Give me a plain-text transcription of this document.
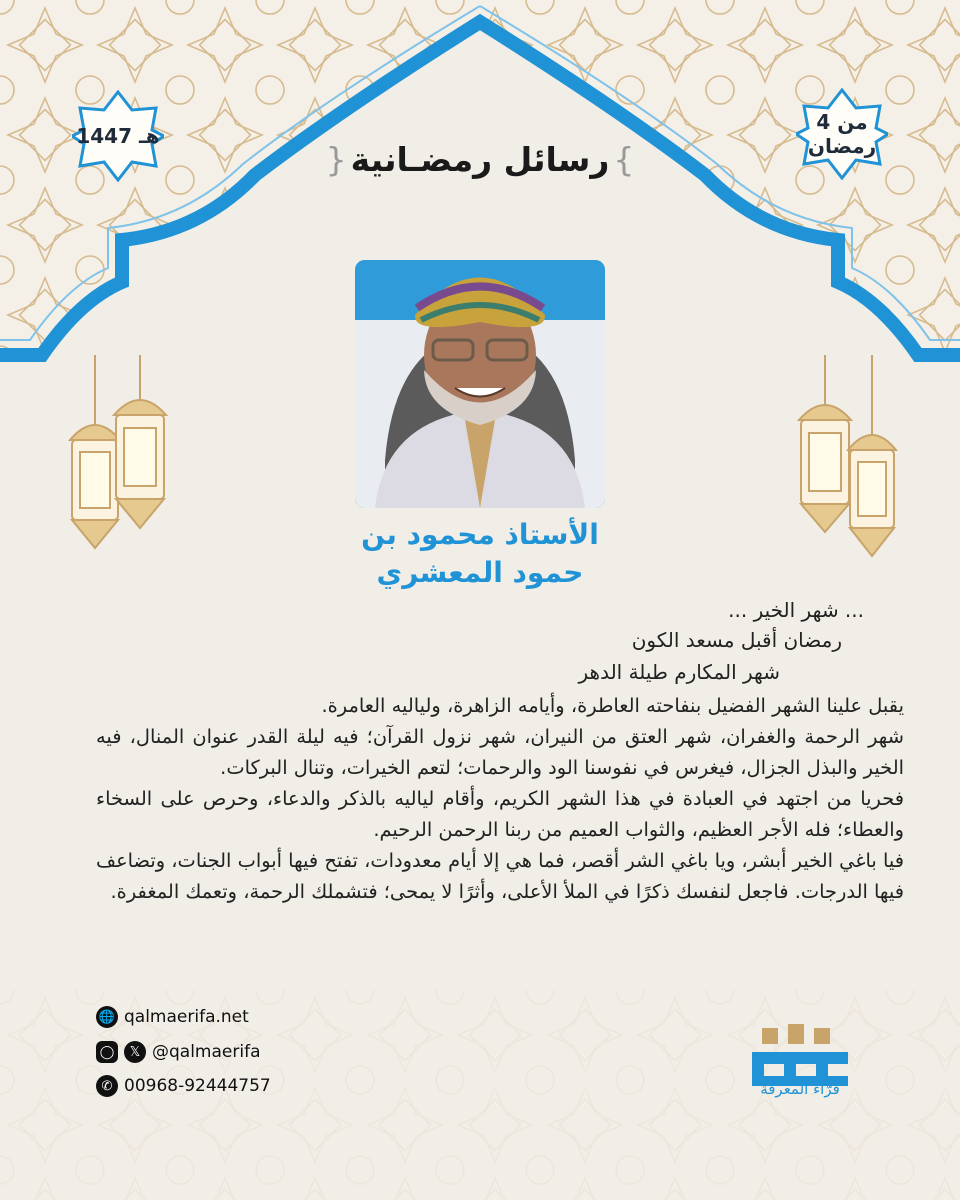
1447 هـ
4 من
رمضان
} رسائل رمضـانية {
الأستاذ محمود بن
حمود المعشري
... شهر الخير ...
رمضان أقبل مسعد الكون
شهر المكارم طيلة الدهر

يقبل علينا الشهر الفضيل بنفاحته العاطرة، وأيامه الزاهرة، ولياليه العامرة.

شهر الرحمة والغفران، شهر العتق من النيران، شهر نزول القرآن؛ فيه ليلة القدر عنوان المنال، فيه الخير والبذل الجزال، فيغرس في نفوسنا الود والرحمات؛ لتعم الخيرات، وتنال البركات.

فحريا من اجتهد في العبادة في هذا الشهر الكريم، وأقام لياليه بالذكر والدعاء، وحرص على السخاء والعطاء؛ فله الأجر العظيم، والثواب العميم من ربنا الرحمن الرحيم.

فيا باغي الخير أبشر، ويا باغي الشر أقصر، فما هي إلا أيام معدودات، تفتح فيها أبواب الجنات، وتضاعف فيها الدرجات. فاجعل لنفسك ذكرًا في الملأ الأعلى، وأثرًا لا يمحى؛ فتشملك الرحمة، وتعمك المغفرة.

🌐 qalmaerifa.net
◯	𝕏 @qalmaerifa
✆ 00968-92444757	قرّاء المعرفة
